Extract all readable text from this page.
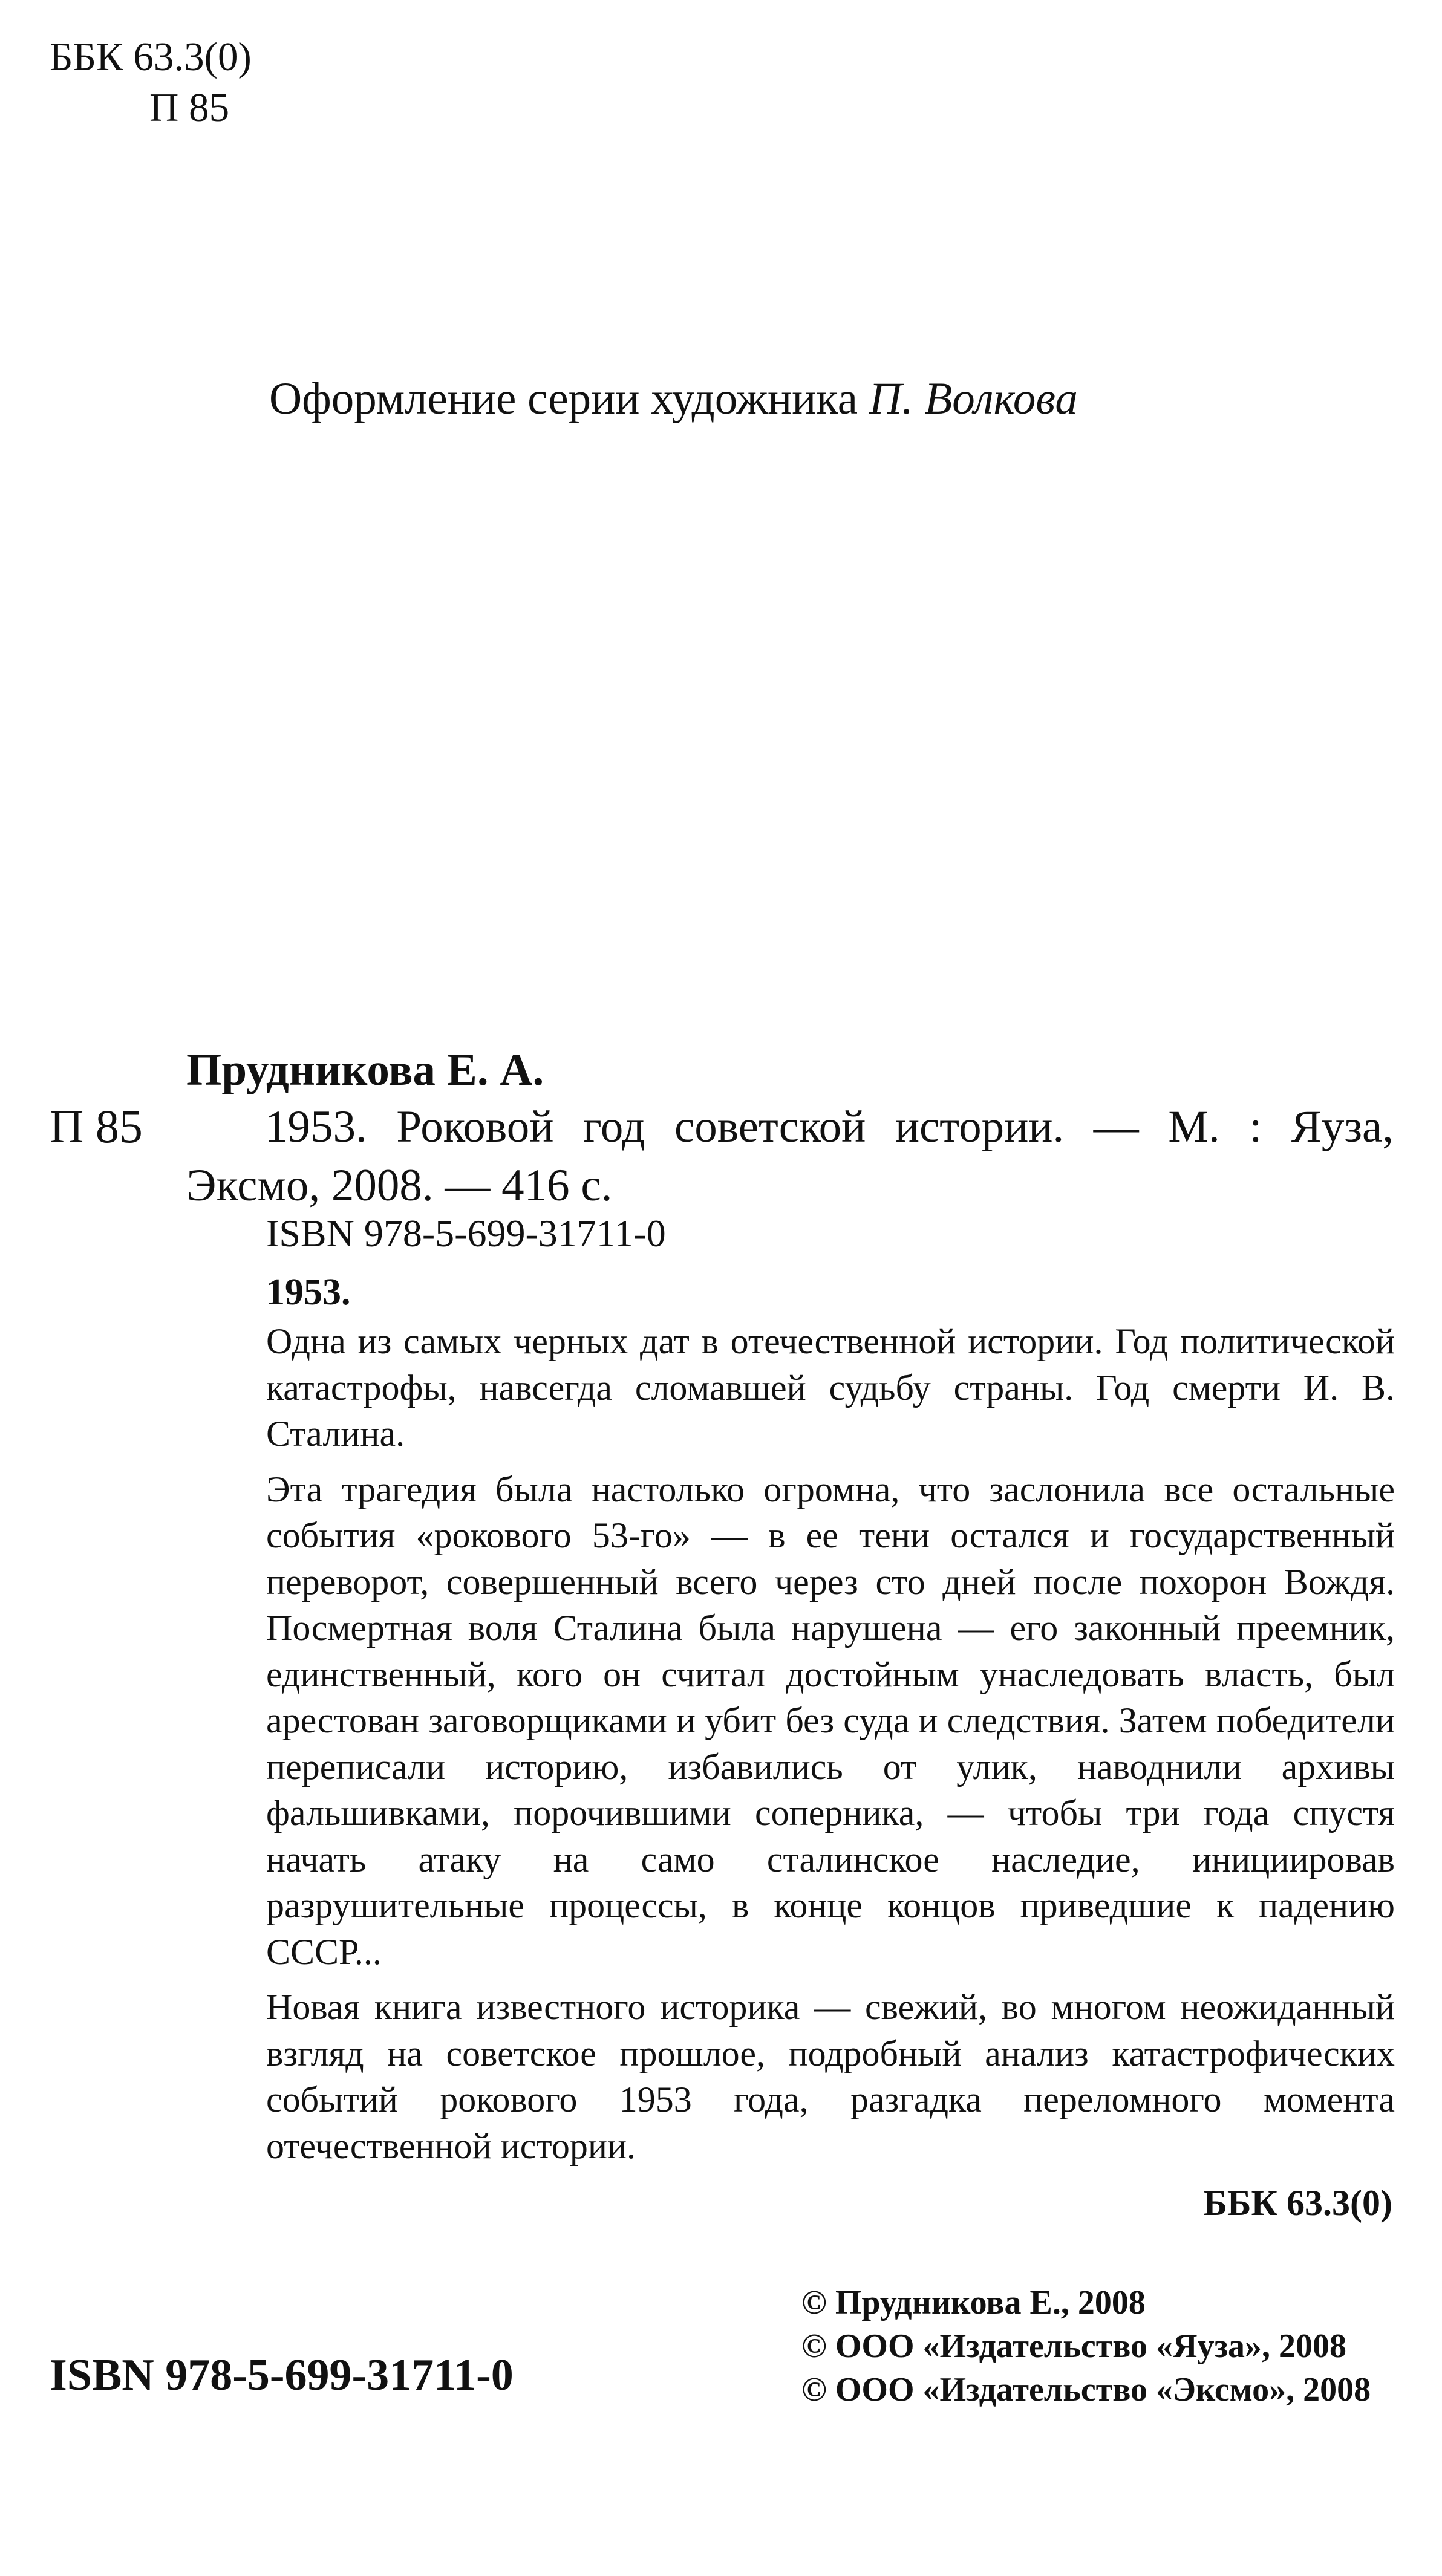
ББК 63.3(0)
П 85
Оформление серии художника П. Волкова
Прудникова Е. А.
П 85	1953. Роковой год советской истории. — М. : Яуза, Эксмо, 2008. — 416 с.

ISBN 978-5-699-31711-0
1953.

Одна из самых черных дат в отечественной истории. Год политической катастрофы, навсегда сломавшей судьбу страны. Год смерти И. В. Сталина.

Эта трагедия была настолько огромна, что заслонила все остальные события «рокового 53-го» — в ее тени остался и государственный переворот, совершенный всего через сто дней после похорон Вождя. Посмертная воля Сталина была нарушена — его законный преемник, единственный, кого он считал достойным унаследовать власть, был арестован заговорщиками и убит без суда и следствия. Затем победители переписали историю, избавились от улик, наводнили архивы фальшивками, порочившими соперника, — чтобы три года спустя начать атаку на само сталинское наследие, инициировав разрушительные процессы, в конце концов приведшие к падению СССР...

Новая книга известного историка — свежий, во многом неожиданный взгляд на советское прошлое, подробный анализ катастрофических событий рокового 1953 года, разгадка переломного момента отечественной истории.

ББК 63.3(0)
© Прудникова Е., 2008
© ООО «Издательство «Яуза», 2008
© ООО «Издательство «Эксмо», 2008
ISBN 978-5-699-31711-0
